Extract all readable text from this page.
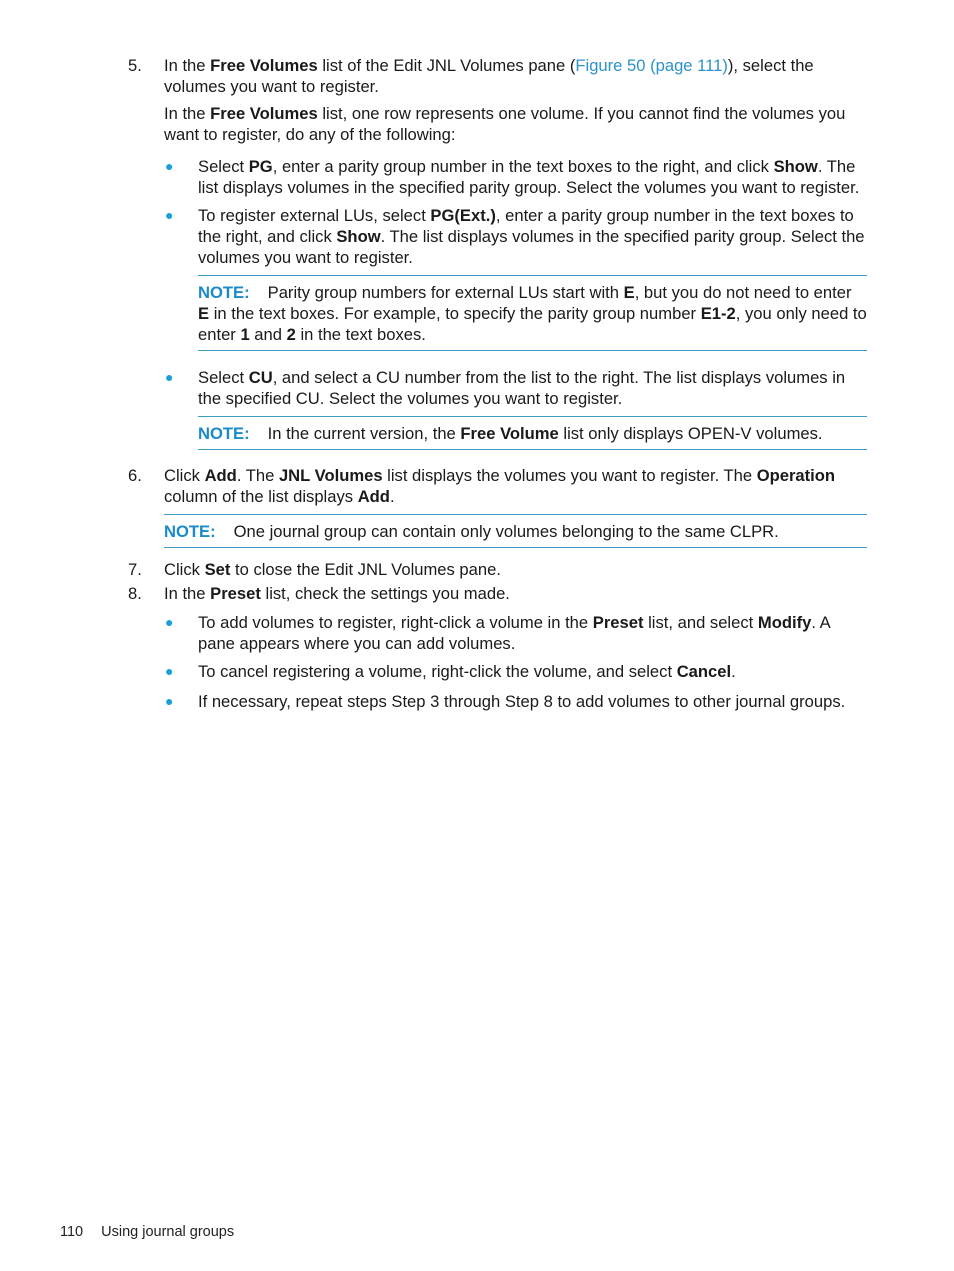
5.	In the Free Volumes list of the Edit JNL Volumes pane (Figure 50 (page 111)), select the volumes you want to register.
In the Free Volumes list, one row represents one volume. If you cannot find the volumes you want to register, do any of the following:
● Select PG, enter a parity group number in the text boxes to the right, and click Show. The list displays volumes in the specified parity group. Select the volumes you want to register.
● To register external LUs, select PG(Ext.), enter a parity group number in the text boxes to the right, and click Show. The list displays volumes in the specified parity group. Select the volumes you want to register.
NOTE: Parity group numbers for external LUs start with E, but you do not need to enter E in the text boxes. For example, to specify the parity group number E1-2, you only need to enter 1 and 2 in the text boxes.
● Select CU, and select a CU number from the list to the right. The list displays volumes in the specified CU. Select the volumes you want to register.
NOTE: In the current version, the Free Volume list only displays OPEN-V volumes.
6.	Click Add. The JNL Volumes list displays the volumes you want to register. The Operation column of the list displays Add.
NOTE: One journal group can contain only volumes belonging to the same CLPR.
7.	Click Set to close the Edit JNL Volumes pane.
8.	In the Preset list, check the settings you made.
● To add volumes to register, right-click a volume in the Preset list, and select Modify. A pane appears where you can add volumes.
● To cancel registering a volume, right-click the volume, and select Cancel.
● If necessary, repeat steps Step 3 through Step 8 to add volumes to other journal groups.
110 Using journal groups
